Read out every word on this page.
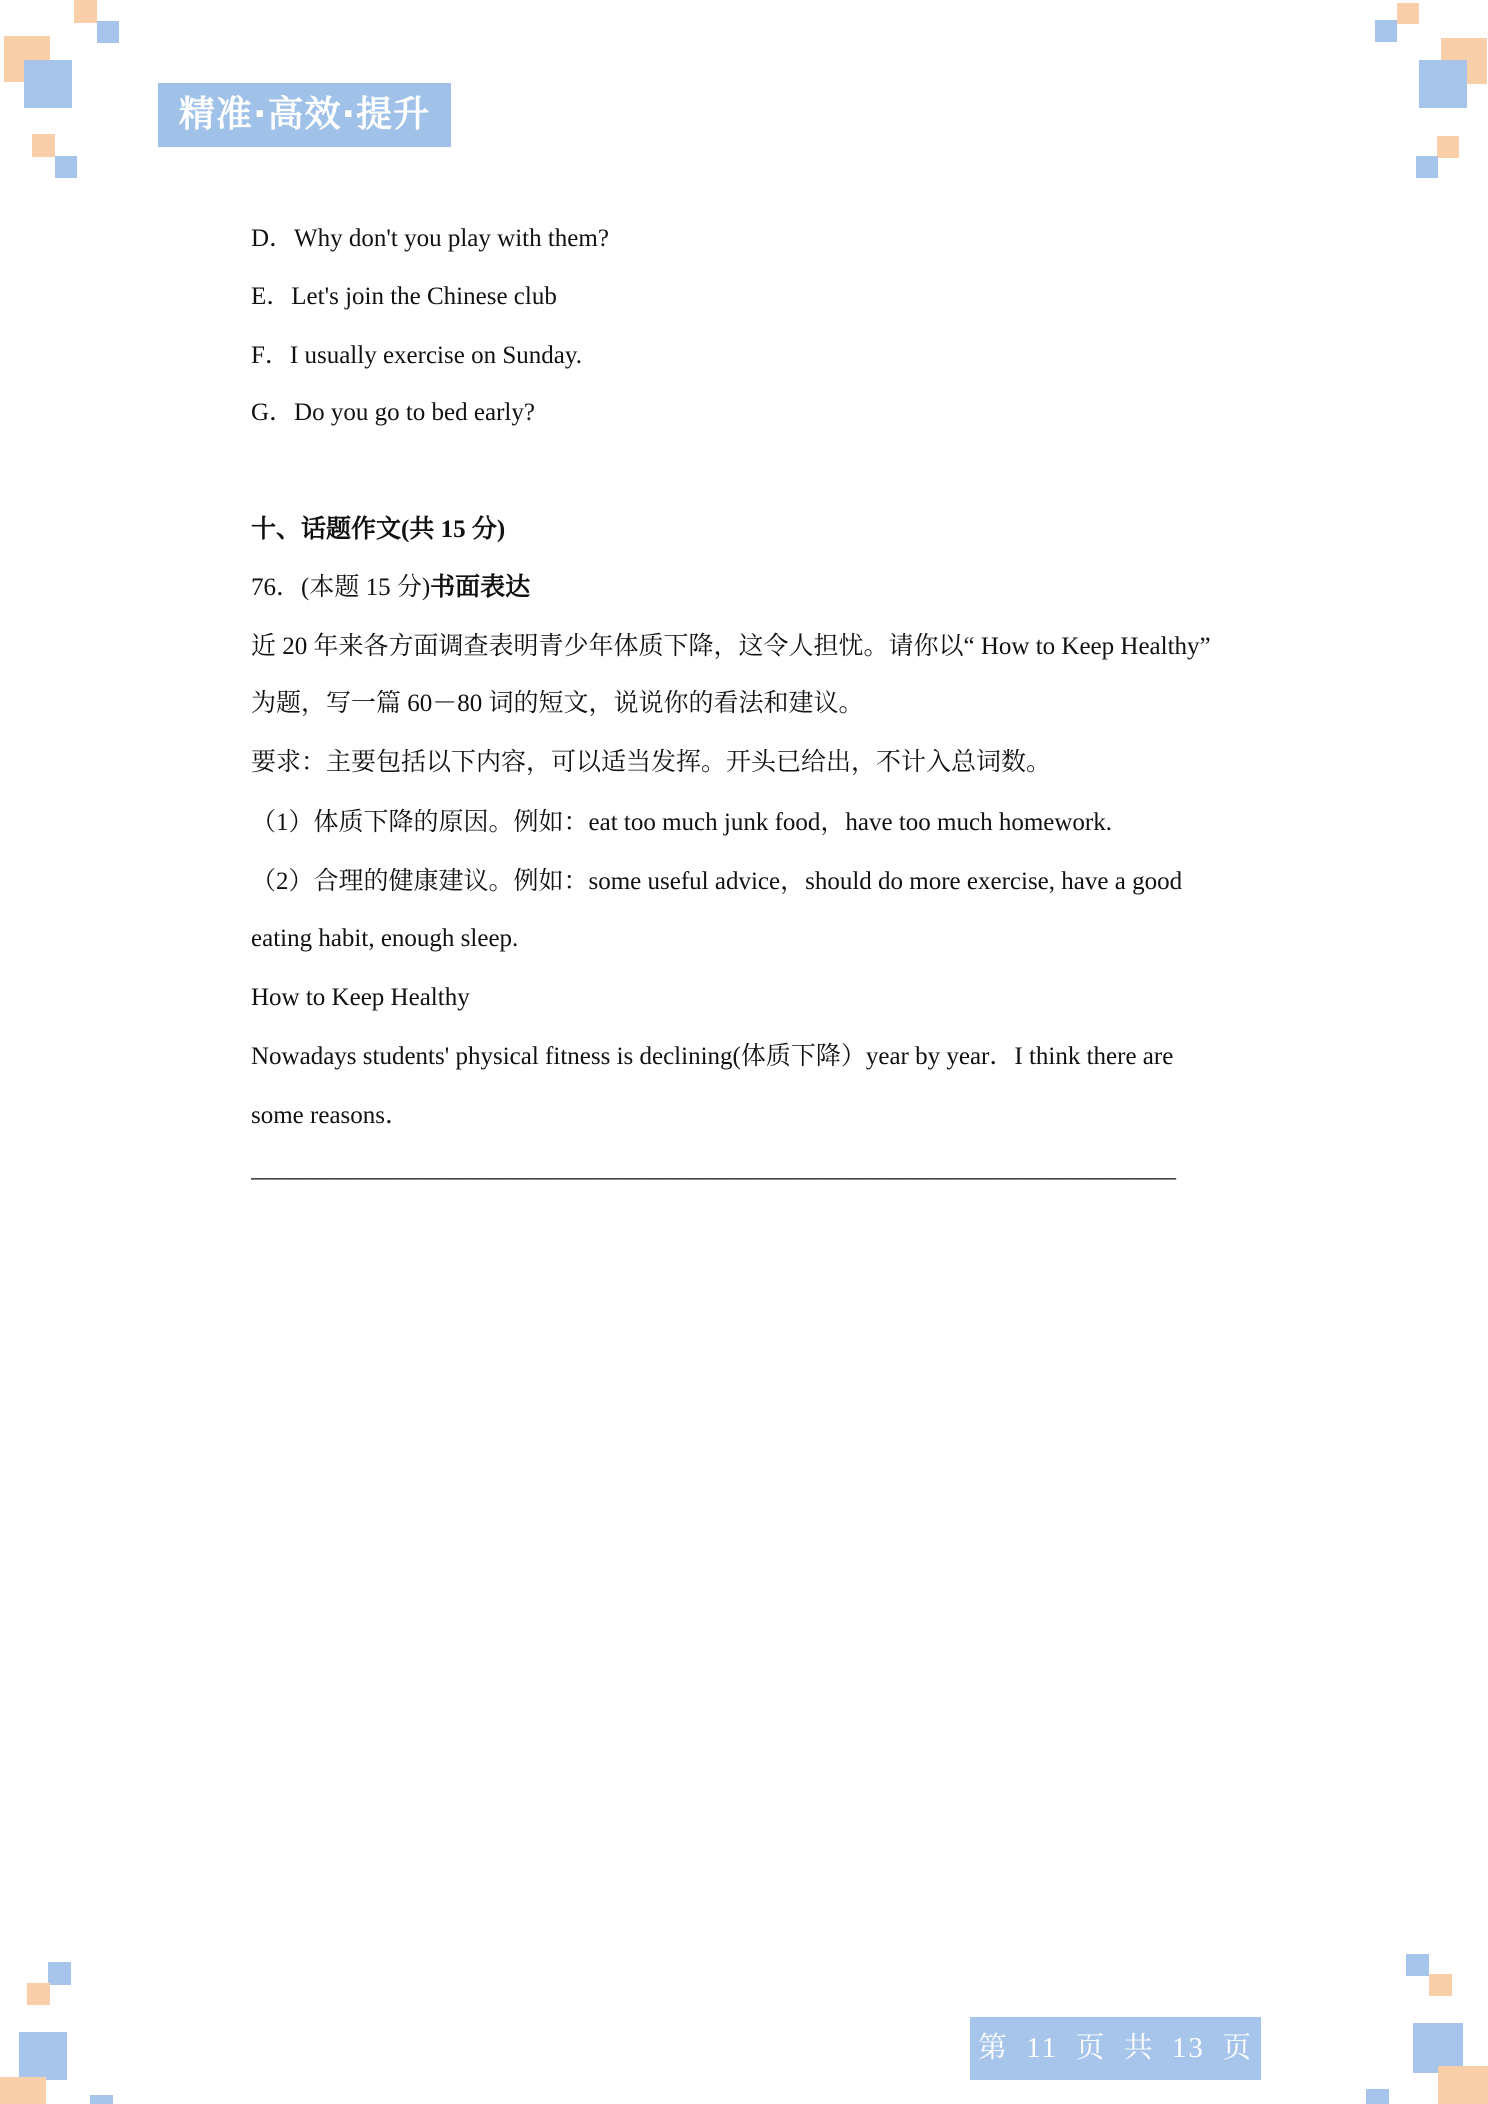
精准·高效·提升
D．Why don't you play with them?
E．Let's join the Chinese club
F．I usually exercise on Sunday.
G．Do you go to bed early?
十、话题作文(共 15 分)
76．(本题 15 分)书面表达
近 20 年来各方面调查表明青少年体质下降，这令人担忧。请你以“ How to Keep Healthy”
为题，写一篇 60－80 词的短文，说说你的看法和建议。
要求：主要包括以下内容，可以适当发挥。开头已给出，不计入总词数。
（1）体质下降的原因。例如：eat too much junk food，have too much homework.
（2）合理的健康建议。例如：some useful advice，should do more exercise, have a good
eating habit, enough sleep.
How to Keep Healthy
Nowadays students' physical fitness is declining(体质下降）year by year．I think there are
some reasons．
__________________________________________________________________________
第 11 页 共 13 页
